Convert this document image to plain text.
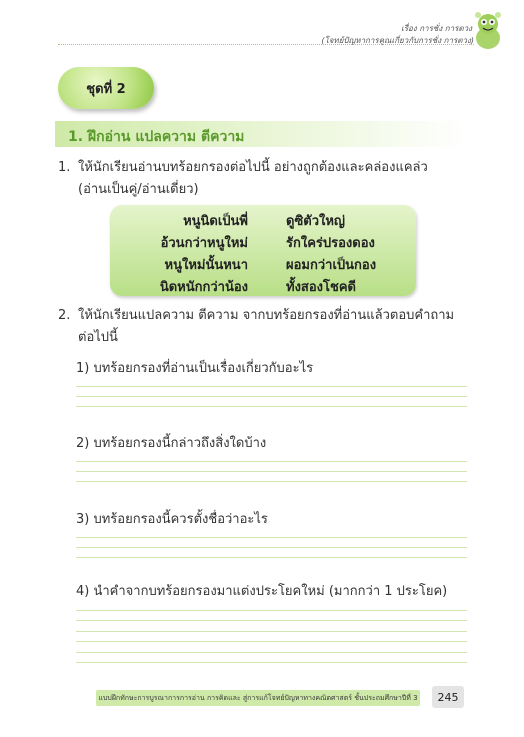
เรื่อง การชั่ง การตวง
(โจทย์ปัญหาการคูณเกี่ยวกับการชั่ง การตวง)
ชุดที่ 2
1. ฝึกอ่าน แปลความ ตีความ
1. ให้นักเรียนอ่านบทร้อยกรองต่อไปนี้ อย่างถูกต้องและคล่องแคล่ว
(อ่านเป็นคู่/อ่านเดี่ยว)
หนูนิดเป็นพี่	ดูซิตัวใหญ่
อ้วนกว่าหนูใหม่	รักใคร่ปรองดอง
หนูใหม่นั้นหนา	ผอมกว่าเป็นกอง
นิดหนักกว่าน้อง	ทั้งสองโชคดี
2. ให้นักเรียนแปลความ ตีความ จากบทร้อยกรองที่อ่านแล้วตอบคำถาม
ต่อไปนี้
1) บทร้อยกรองที่อ่านเป็นเรื่องเกี่ยวกับอะไร
2) บทร้อยกรองนี้กล่าวถึงสิ่งใดบ้าง
3) บทร้อยกรองนี้ควรตั้งชื่อว่าอะไร
4) นำคำจากบทร้อยกรองมาแต่งประโยคใหม่ (มากกว่า 1 ประโยค)
แบบฝึกทักษะการบูรณาการการอ่าน การคิดและ สู่การแก้โจทย์ปัญหาทางคณิตศาสตร์ ชั้นประถมศึกษาปีที่ 3	245
